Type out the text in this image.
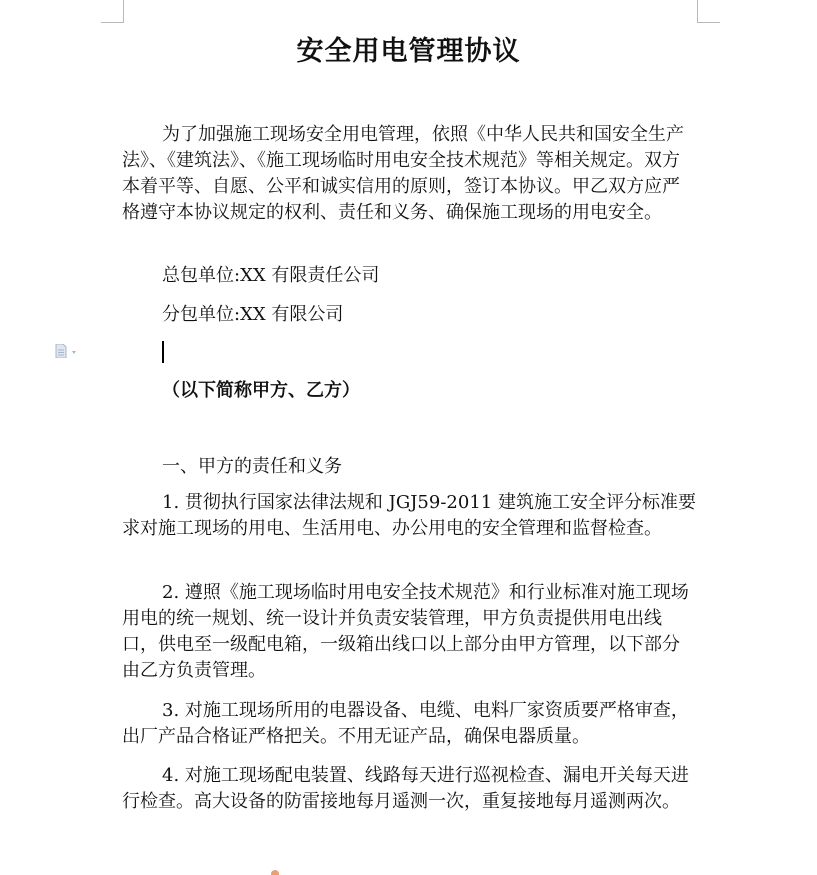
安全用电管理协议
为了加强施工现场安全用电管理，依照《中华人民共和国安全生产法》、《建筑法》、《施工现场临时用电安全技术规范》等相关规定。双方本着平等、自愿、公平和诚实信用的原则，签订本协议。甲乙双方应严格遵守本协议规定的权利、责任和义务、确保施工现场的用电安全。
总包单位:XX 有限责任公司
分包单位:XX 有限公司
（以下简称甲方、乙方）
一、甲方的责任和义务
1. 贯彻执行国家法律法规和 JGJ59-2011 建筑施工安全评分标准要求对施工现场的用电、生活用电、办公用电的安全管理和监督检查。
2. 遵照《施工现场临时用电安全技术规范》和行业标准对施工现场用电的统一规划、统一设计并负责安装管理，甲方负责提供用电出线口，供电至一级配电箱，一级箱出线口以上部分由甲方管理，以下部分由乙方负责管理。
3. 对施工现场所用的电器设备、电缆、电料厂家资质要严格审查，出厂产品合格证严格把关。不用无证产品，确保电器质量。
4. 对施工现场配电装置、线路每天进行巡视检查、漏电开关每天进行检查。高大设备的防雷接地每月遥测一次，重复接地每月遥测两次。
